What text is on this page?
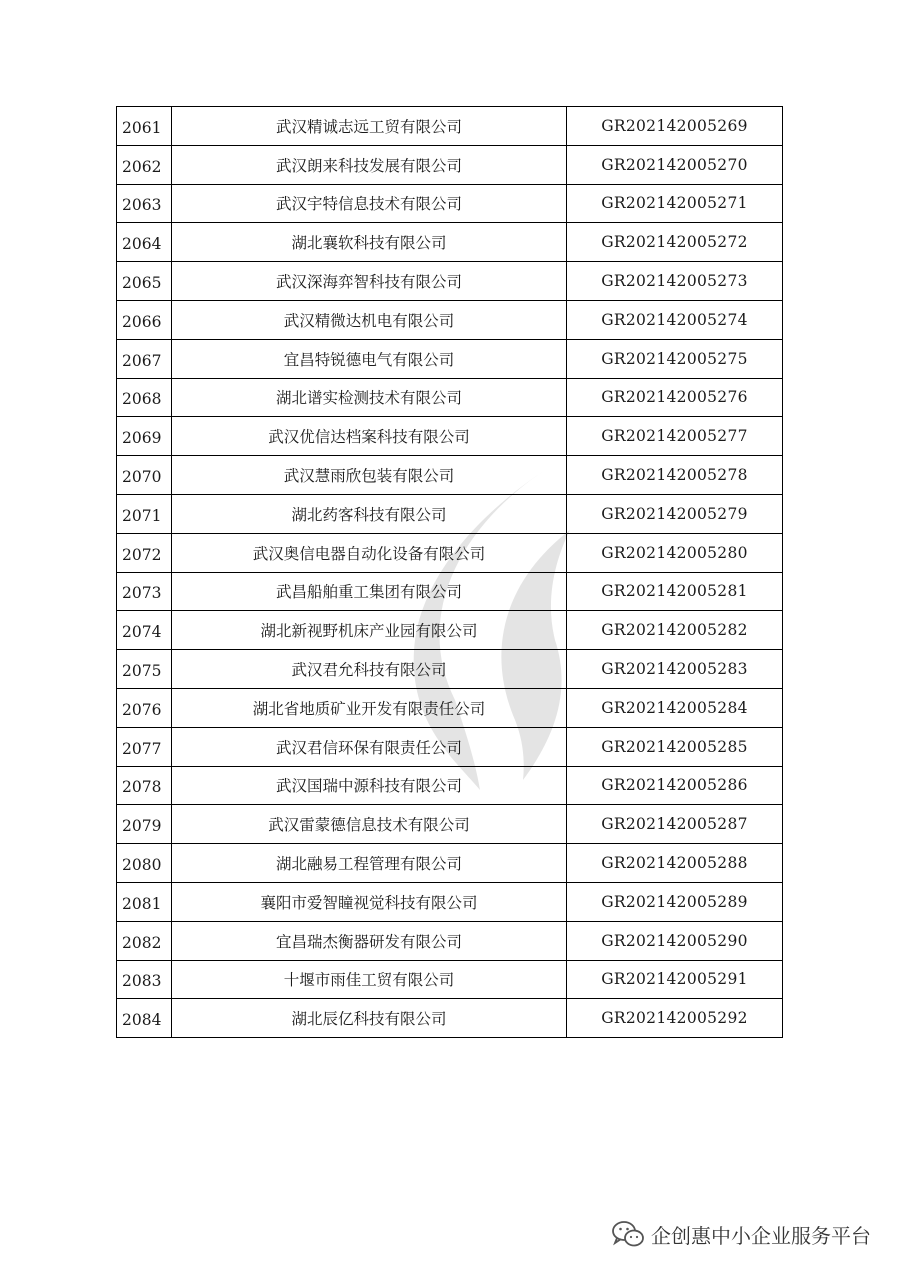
2061	武汉精诚志远工贸有限公司	GR202142005269
2062	武汉朗来科技发展有限公司	GR202142005270
2063	武汉宇特信息技术有限公司	GR202142005271
2064	湖北襄软科技有限公司	GR202142005272
2065	武汉深海弈智科技有限公司	GR202142005273
2066	武汉精微达机电有限公司	GR202142005274
2067	宜昌特锐德电气有限公司	GR202142005275
2068	湖北谱实检测技术有限公司	GR202142005276
2069	武汉优信达档案科技有限公司	GR202142005277
2070	武汉慧雨欣包装有限公司	GR202142005278
2071	湖北药客科技有限公司	GR202142005279
2072	武汉奥信电器自动化设备有限公司	GR202142005280
2073	武昌船舶重工集团有限公司	GR202142005281
2074	湖北新视野机床产业园有限公司	GR202142005282
2075	武汉君允科技有限公司	GR202142005283
2076	湖北省地质矿业开发有限责任公司	GR202142005284
2077	武汉君信环保有限责任公司	GR202142005285
2078	武汉国瑞中源科技有限公司	GR202142005286
2079	武汉雷蒙德信息技术有限公司	GR202142005287
2080	湖北融易工程管理有限公司	GR202142005288
2081	襄阳市爱智瞳视觉科技有限公司	GR202142005289
2082	宜昌瑞杰衡器研发有限公司	GR202142005290
2083	十堰市雨佳工贸有限公司	GR202142005291
2084	湖北辰亿科技有限公司	GR202142005292
企创惠中小企业服务平台
